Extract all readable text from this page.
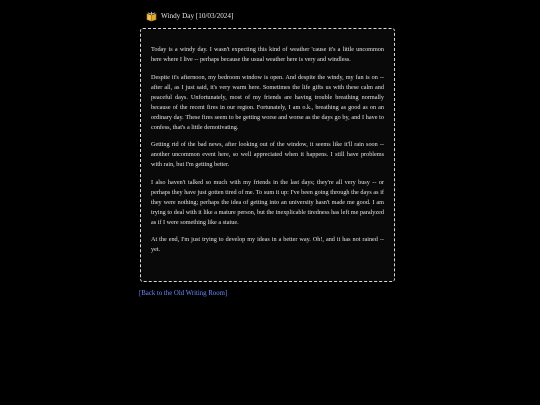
Windy Day [10/03/2024]

Today is a windy day. I wasn't expecting this kind of weather 'cause it's a little uncommon here where I live -- perhaps because the usual weather here is very and windless.

Despite it's afternoon, my bedroom window is open. And despite the windy, my fan is on -- after all, as I just said, it's very warm here. Sometimes the life gifts us with these calm and peaceful days. Unfortunately, most of my friends are having trouble breathing normally because of the recent fires in our region. Fortunately, I am o.k., breathing as good as on an ordinary day. These fires seem to be getting worse and worse as the days go by, and I have to confess, that's a little demotivating.

Getting rid of the bad news, after looking out of the window, it seems like it'll rain soon -- another uncommon event here, so well appreciated when it happens. I still have problems with rain, but I'm getting better.

I also haven't talked so much with my friends in the last days; they're all very busy -- or perhaps they have just gotten tired of me. To sum it up: I've been going through the days as if they were nothing; perhaps the idea of getting into an university hasn't made me good. I am trying to deal with it like a mature person, but the inexplicable tiredness has left me paralyzed as if I were something like a statue.

At the end, I'm just trying to develop my ideas in a better way. Oh!, and it has not rained -- yet.

[Back to the Old Writing Room]
